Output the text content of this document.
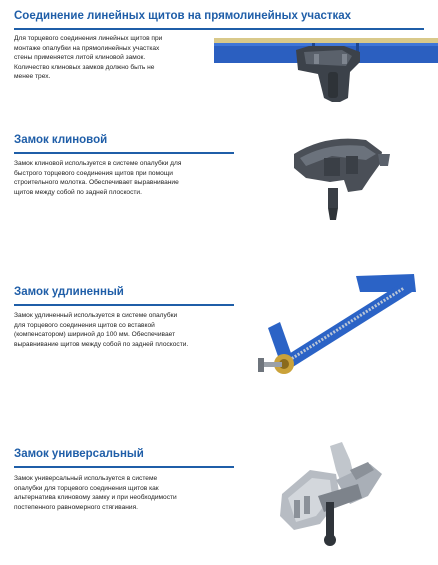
Соединение линейных щитов на прямолинейных участках
Для торцевого соединения линейных щитов при
монтаже опалубки на прямолинейных участках
стены применяется литой клиновой замок.
Количество клиновых замков должно быть не
менее трех.
Замок клиновой
Замок клиновой используется в системе опалубки для
быстрого торцевого соединения щитов при помощи
строительного молотка. Обеспечивает выравнивание
щитов между собой по задней плоскости.
Замок удлиненный
Замок удлиненный используется в системе опалубки
для торцевого соединения щитов со вставкой
(компенсатором) шириной до 100 мм. Обеспечивает
выравнивание щитов между собой по задней плоскости.
Замок универсальный
Замок универсальный используется в системе
опалубки для торцевого соединения щитов как
альтернатива клиновому замку и при необходимости
постепенного равномерного стягивания.
